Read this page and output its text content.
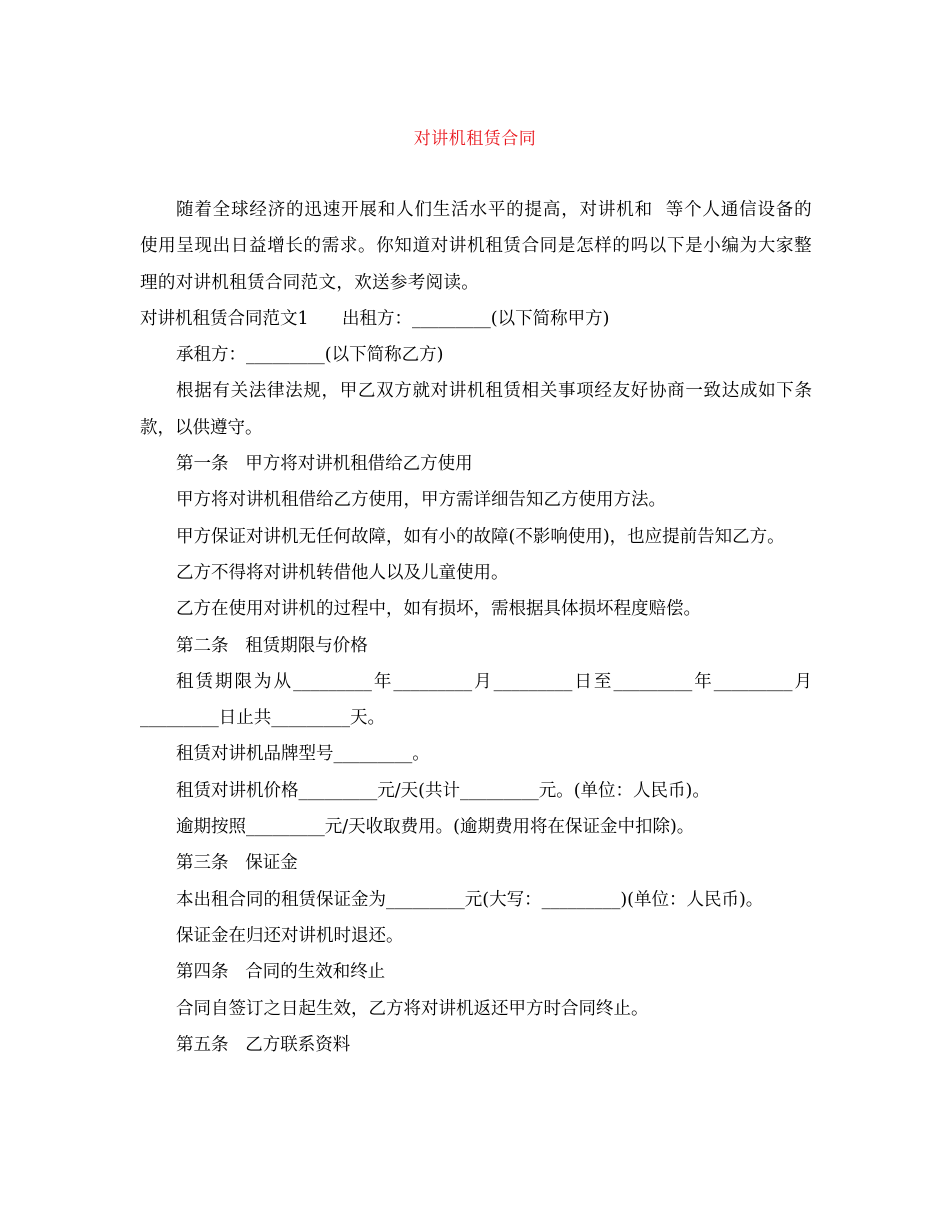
对讲机租赁合同

随着全球经济的迅速开展和人们生活水平的提高，对讲机和  等个人通信设备的使用呈现出日益增长的需求。你知道对讲机租赁合同是怎样的吗以下是小编为大家整理的对讲机租赁合同范文，欢送参考阅读。

对讲机租赁合同范文1      出租方：_________(以下简称甲方)

承租方：_________(以下简称乙方)

根据有关法律法规，甲乙双方就对讲机租赁相关事项经友好协商一致达成如下条款，以供遵守。

第一条   甲方将对讲机租借给乙方使用

甲方将对讲机租借给乙方使用，甲方需详细告知乙方使用方法。

甲方保证对讲机无任何故障，如有小的故障(不影响使用)，也应提前告知乙方。

乙方不得将对讲机转借他人以及儿童使用。

乙方在使用对讲机的过程中，如有损坏，需根据具体损坏程度赔偿。

第二条   租赁期限与价格

租赁期限为从_________年_________月_________日至_________年_________月_________日止共_________天。

租赁对讲机品牌型号_________。

租赁对讲机价格_________元/天(共计_________元。(单位：人民币)。

逾期按照_________元/天收取费用。(逾期费用将在保证金中扣除)。

第三条   保证金

本出租合同的租赁保证金为_________元(大写：_________)(单位：人民币)。

保证金在归还对讲机时退还。

第四条   合同的生效和终止

合同自签订之日起生效，乙方将对讲机返还甲方时合同终止。

第五条   乙方联系资料
